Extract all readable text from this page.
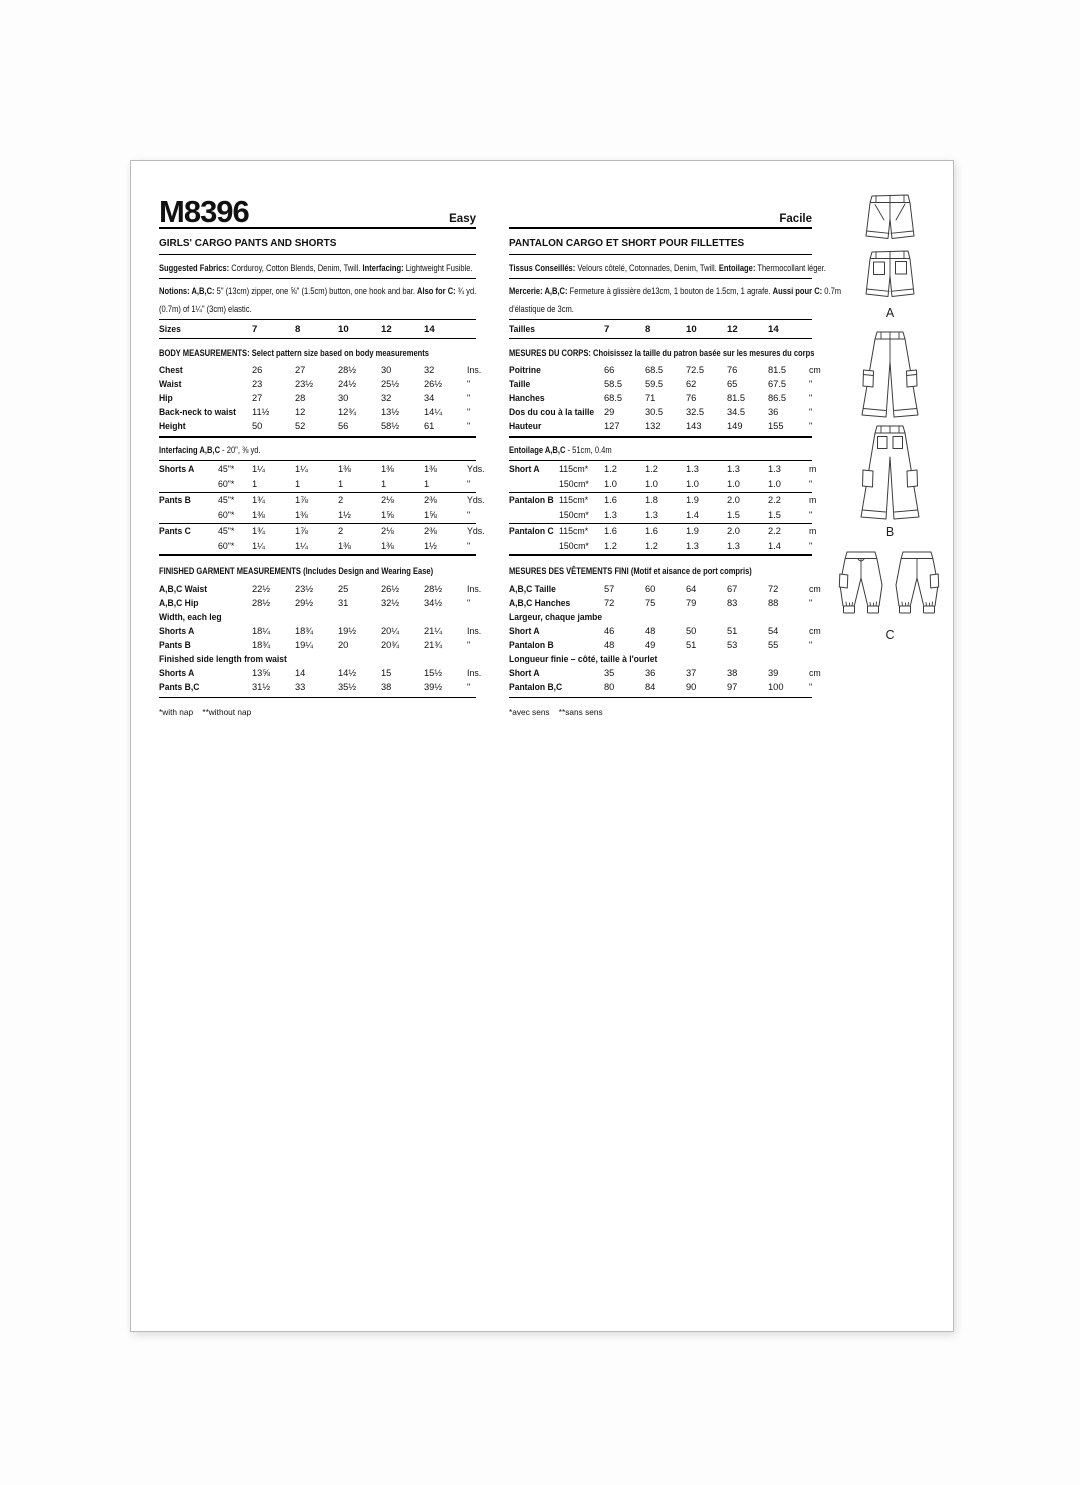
M8396	Easy
GIRLS' CARGO PANTS AND SHORTS
Suggested Fabrics: Corduroy, Cotton Blends, Denim, Twill. Interfacing: Lightweight Fusible.
Notions: A,B,C: 5" (13cm) zipper, one ⅝" (1.5cm) button, one hook and bar. Also for C: ¾ yd.
(0.7m) of 1¼" (3cm) elastic.
Sizes	7	8	10	12	14
BODY MEASUREMENTS: Select pattern size based on body measurements
Chest	26	27	28½	30	32	Ins.
Waist	23	23½	24½	25½	26½	"
Hip	27	28	30	32	34	"
Back-neck to waist	11½	12	12¾	13½	14¼	"
Height	50	52	56	58½	61	"
Interfacing A,B,C - 20", ⅜ yd.
Shorts A	45"*	1¼	1¼	1⅜	1⅜	1⅜	Yds.
60"*	1	1	1	1	1	"
Pants B	45"*	1¾	1⅞	2	2⅛	2⅜	Yds.
60"*	1⅜	1⅜	1½	1⅝	1⅝	"
Pants C	45"*	1¾	1⅞	2	2⅛	2⅜	Yds.
60"*	1¼	1¼	1⅜	1⅜	1½	"
FINISHED GARMENT MEASUREMENTS (Includes Design and Wearing Ease)
A,B,C Waist	22½	23½	25	26½	28½	Ins.
A,B,C Hip	28½	29½	31	32½	34½	"
Width, each leg
Shorts A	18¼	18¾	19½	20¼	21¼	Ins.
Pants B	18¾	19¼	20	20¾	21¾	"
Finished side length from waist
Shorts A	13⅝	14	14½	15	15½	Ins.
Pants B,C	31½	33	35½	38	39½	"
*with nap    **without nap
Facile
PANTALON CARGO ET SHORT POUR FILLETTES
Tissus Conseillés: Velours côtelé, Cotonnades, Denim, Twill. Entoilage: Thermocollant léger.
Mercerie: A,B,C: Fermeture à glissière de13cm, 1 bouton de 1.5cm, 1 agrafe. Aussi pour C: 0.7m
d'élastique de 3cm.
Tailles	7	8	10	12	14
MESURES DU CORPS: Choisissez la taille du patron basée sur les mesures du corps
Poitrine	66	68.5	72.5	76	81.5	cm
Taille	58.5	59.5	62	65	67.5	"
Hanches	68.5	71	76	81.5	86.5	"
Dos du cou à la taille 29	30.5	32.5	34.5	36	"
Hauteur	127	132	143	149	155	"
Entoilage A,B,C - 51cm, 0.4m
Short A	115cm*	1.2	1.2	1.3	1.3	1.3	m
150cm*	1.0	1.0	1.0	1.0	1.0	"
Pantalon B 115cm*	1.6	1.8	1.9	2.0	2.2	m
150cm*	1.3	1.3	1.4	1.5	1.5	"
Pantalon C 115cm*	1.6	1.6	1.9	2.0	2.2	m
150cm*	1.2	1.2	1.3	1.3	1.4	"
MESURES DES VÊTEMENTS FINI (Motif et aisance de port compris)
A,B,C Taille	57	60	64	67	72	cm
A,B,C Hanches	72	75	79	83	88	"
Largeur, chaque jambe
Short A	46	48	50	51	54	cm
Pantalon B	48	49	51	53	55	"
Longueur finie – côté, taille à l'ourlet
Short A	35	36	37	38	39	cm
Pantalon B,C	80	84	90	97	100	"
*avec sens    **sans sens
A
B
C
